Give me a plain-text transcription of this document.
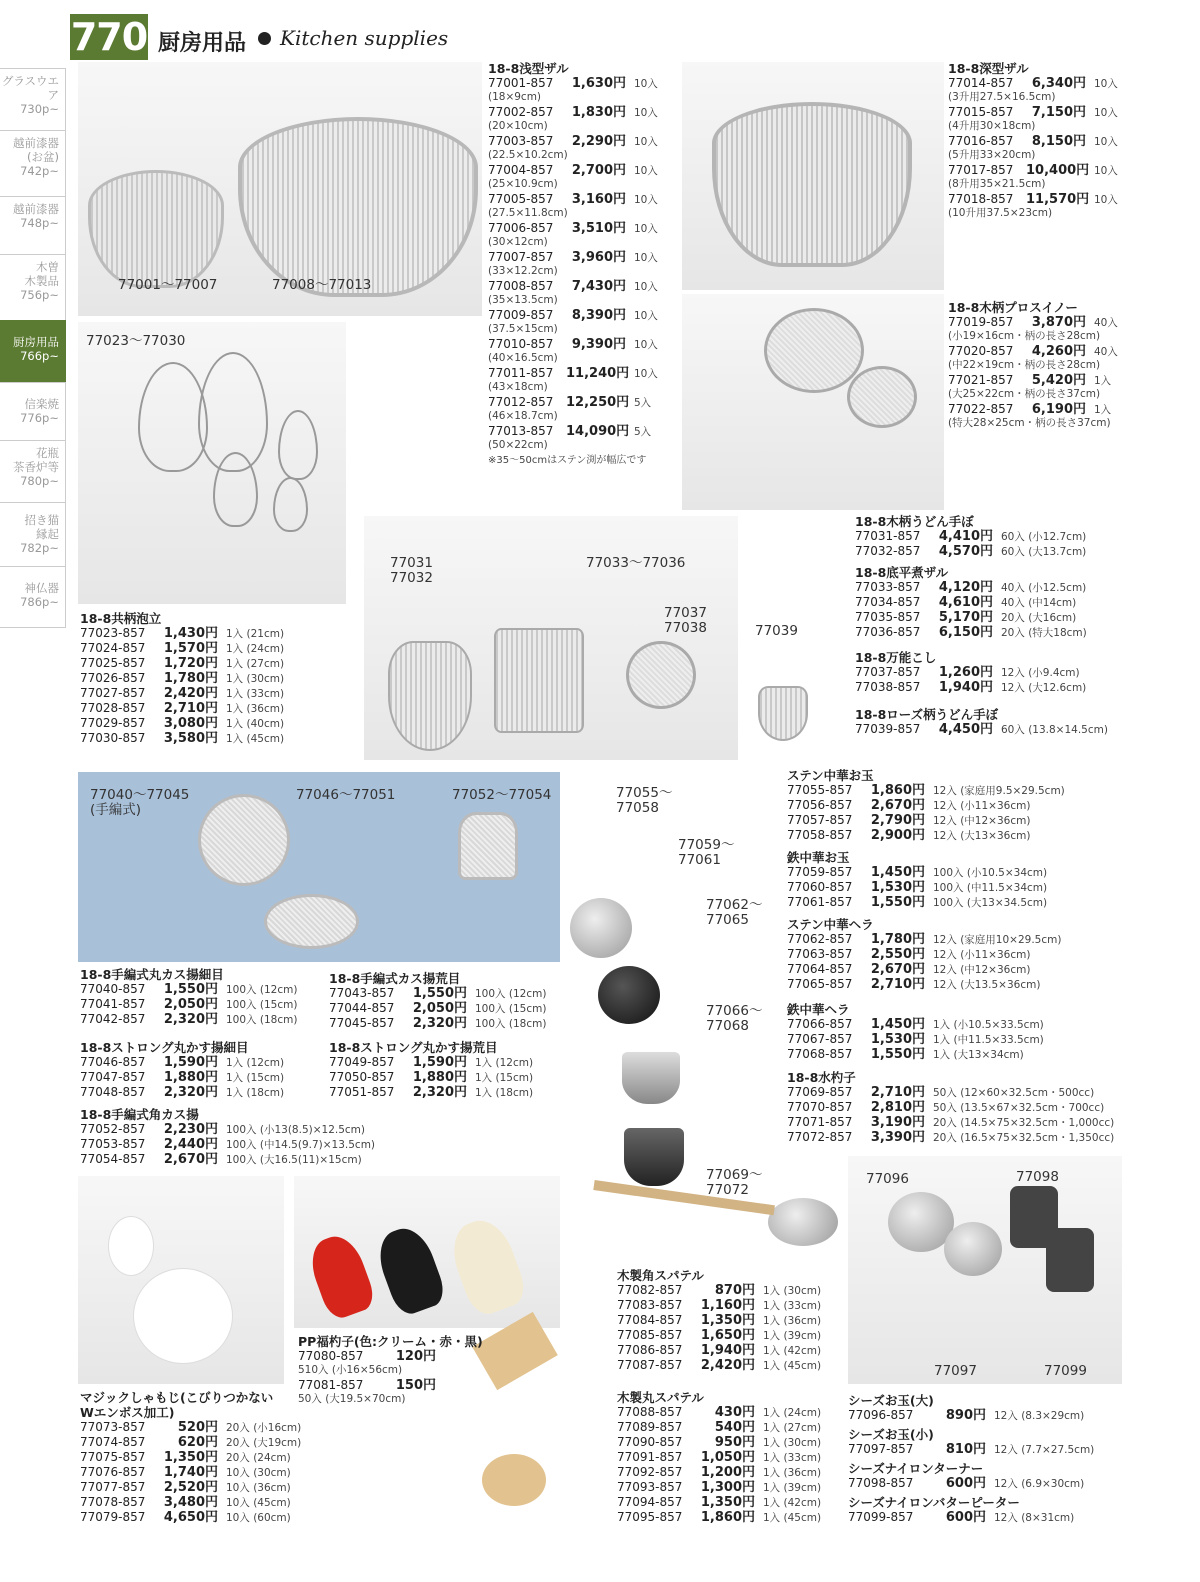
770 厨房用品 Kitchen supplies
グラスウエア
730p~
越前漆器
(お盆)
742p~
越前漆器
748p~
木曽
木製品
756p~
厨房用品
766p~
信楽焼
776p~
花瓶
茶香炉等
780p~
招き猫
縁起
782p~
神仏器
786p~
77001〜77007	77008〜77013
77023〜77030
77031
77032
77033〜77036
77037
77038	77039
77040〜77045
(手編式)
77046〜77051	77052〜77054	77055〜
77058
77059〜
77061
77062〜
77065
77066〜
77068
77069〜
77072
77096	77098
77097	77099
18-8浅型ザル
77001-857	1,630円 10入
(18×9cm)
77002-857	1,830円 10入
(20×10cm)
77003-857	2,290円 10入
(22.5×10.2cm)
77004-857	2,700円 10入
(25×10.9cm)
77005-857	3,160円 10入
(27.5×11.8cm)
77006-857	3,510円 10入
(30×12cm)
77007-857	3,960円 10入
(33×12.2cm)
77008-857	7,430円 10入
(35×13.5cm)
77009-857	8,390円 10入
(37.5×15cm)
77010-857	9,390円 10入
(40×16.5cm)
77011-857 11,240円 10入
(43×18cm)
77012-857 12,250円 5入
(46×18.7cm)
77013-857 14,090円 5入
(50×22cm)
※35〜50cmはステン渕が幅広です
18-8深型ザル
77014-857	6,340円 10入
(3升用27.5×16.5cm)
77015-857	7,150円 10入
(4升用30×18cm)
77016-857	8,150円 10入
(5升用33×20cm)
77017-857 10,400円 10入
(8升用35×21.5cm)
77018-857 11,570円 10入
(10升用37.5×23cm)
18-8木柄プロスイノー
77019-857	3,870円 40入
(小19×16cm・柄の長さ28cm)
77020-857	4,260円 40入
(中22×19cm・柄の長さ28cm)
77021-857	5,420円 1入
(大25×22cm・柄の長さ37cm)
77022-857	6,190円 1入
(特大28×25cm・柄の長さ37cm)
18-8共柄泡立
77023-857	1,430円 1入 (21cm)
77024-857	1,570円 1入 (24cm)
77025-857	1,720円 1入 (27cm)
77026-857	1,780円 1入 (30cm)
77027-857	2,420円 1入 (33cm)
77028-857	2,710円 1入 (36cm)
77029-857	3,080円 1入 (40cm)
77030-857	3,580円 1入 (45cm)
18-8木柄うどん手ぼ
77031-857	4,410円 60入 (小12.7cm)
77032-857	4,570円 60入 (大13.7cm)
18-8底平煮ザル
77033-857	4,120円 40入 (小12.5cm)
77034-857	4,610円 40入 (中14cm)
77035-857	5,170円 20入 (大16cm)
77036-857	6,150円 20入 (特大18cm)
18-8万能こし
77037-857	1,260円 12入 (小9.4cm)
77038-857	1,940円 12入 (大12.6cm)
18-8ローズ柄うどん手ぼ
77039-857	4,450円 60入 (13.8×14.5cm)
18-8手編式丸カス揚細目
77040-857	1,550円 100入 (12cm)
77041-857	2,050円 100入 (15cm)
77042-857	2,320円 100入 (18cm)
18-8手編式カス揚荒目
77043-857	1,550円 100入 (12cm)
77044-857	2,050円 100入 (15cm)
77045-857	2,320円 100入 (18cm)
18-8ストロング丸かす揚細目
77046-857	1,590円 1入 (12cm)
77047-857	1,880円 1入 (15cm)
77048-857	2,320円 1入 (18cm)
18-8ストロング丸かす揚荒目
77049-857	1,590円 1入 (12cm)
77050-857	1,880円 1入 (15cm)
77051-857	2,320円 1入 (18cm)
18-8手編式角カス揚
77052-857	2,230円 100入 (小13(8.5)×12.5cm)
77053-857	2,440円 100入 (中14.5(9.7)×13.5cm)
77054-857	2,670円 100入 (大16.5(11)×15cm)
ステン中華お玉
77055-857	1,860円 12入 (家庭用9.5×29.5cm)
77056-857	2,670円 12入 (小11×36cm)
77057-857	2,790円 12入 (中12×36cm)
77058-857	2,900円 12入 (大13×36cm)
鉄中華お玉
77059-857	1,450円 100入 (小10.5×34cm)
77060-857	1,530円 100入 (中11.5×34cm)
77061-857	1,550円 100入 (大13×34.5cm)
ステン中華ヘラ
77062-857	1,780円 12入 (家庭用10×29.5cm)
77063-857	2,550円 12入 (小11×36cm)
77064-857	2,670円 12入 (中12×36cm)
77065-857	2,710円 12入 (大13.5×36cm)
鉄中華ヘラ
77066-857	1,450円 1入 (小10.5×33.5cm)
77067-857	1,530円 1入 (中11.5×33.5cm)
77068-857	1,550円 1入 (大13×34cm)
18-8水杓子
77069-857	2,710円 50入 (12×60×32.5cm・500cc)
77070-857	2,810円 50入 (13.5×67×32.5cm・700cc)
77071-857	3,190円 20入 (14.5×75×32.5cm・1,000cc)
77072-857	3,390円 20入 (16.5×75×32.5cm・1,350cc)
マジックしゃもじ(こびりつかない
Wエンボス加工)
77073-857	520円 20入 (小16cm)
77074-857	620円 20入 (大19cm)
77075-857	1,350円 20入 (24cm)
77076-857	1,740円 10入 (30cm)
77077-857	2,520円 10入 (36cm)
77078-857	3,480円 10入 (45cm)
77079-857	4,650円 10入 (60cm)
PP福杓子(色:クリーム・赤・黒)
77080-857	120円
510入 (小16×56cm)
77081-857	150円
50入 (大19.5×70cm)
木製角スパテル
77082-857	870円 1入 (30cm)
77083-857	1,160円 1入 (33cm)
77084-857	1,350円 1入 (36cm)
77085-857	1,650円 1入 (39cm)
77086-857	1,940円 1入 (42cm)
77087-857	2,420円 1入 (45cm)
木製丸スパテル
77088-857	430円 1入 (24cm)
77089-857	540円 1入 (27cm)
77090-857	950円 1入 (30cm)
77091-857	1,050円 1入 (33cm)
77092-857	1,200円 1入 (36cm)
77093-857	1,300円 1入 (39cm)
77094-857	1,350円 1入 (42cm)
77095-857	1,860円 1入 (45cm)
シーズお玉(大)
77096-857	890円 12入 (8.3×29cm)
シーズお玉(小)
77097-857	810円 12入 (7.7×27.5cm)
シーズナイロンターナー
77098-857	600円 12入 (6.9×30cm)
シーズナイロンバターピーター
77099-857	600円 12入 (8×31cm)
